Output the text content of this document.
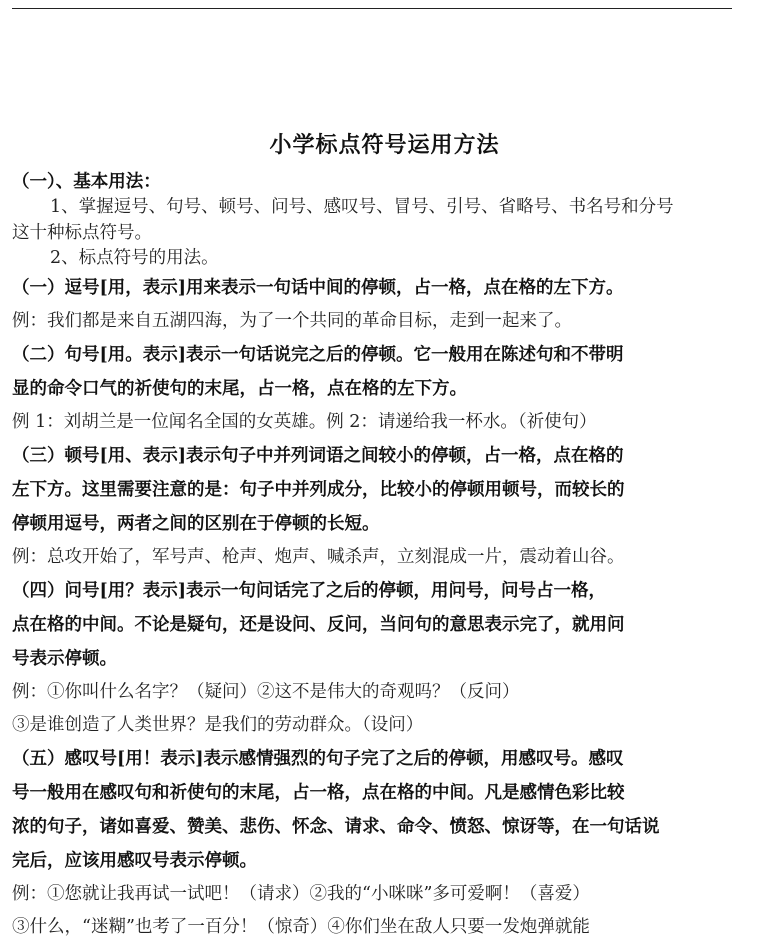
小学标点符号运用方法
（一）、基本用法：
1、掌握逗号、句号、顿号、问号、感叹号、冒号、引号、省略号、书名号和分号
这十种标点符号。
2、标点符号的用法。
（一）逗号[用，表示]用来表示一句话中间的停顿，占一格，点在格的左下方。
例：我们都是来自五湖四海，为了一个共同的革命目标，走到一起来了。
（二）句号[用。表示]表示一句话说完之后的停顿。它一般用在陈述句和不带明
显的命令口气的祈使句的末尾，占一格，点在格的左下方。
例 1：刘胡兰是一位闻名全国的女英雄。例 2：请递给我一杯水。（祈使句）
（三）顿号[用、表示]表示句子中并列词语之间较小的停顿，占一格，点在格的
左下方。这里需要注意的是：句子中并列成分，比较小的停顿用顿号，而较长的
停顿用逗号，两者之间的区别在于停顿的长短。
例：总攻开始了，军号声、枪声、炮声、喊杀声，立刻混成一片，震动着山谷。
（四）问号[用？表示]表示一句问话完了之后的停顿，用问号，问号占一格，
点在格的中间。不论是疑句，还是设问、反问，当问句的意思表示完了，就用问
号表示停顿。
例：①你叫什么名字？（疑问）②这不是伟大的奇观吗？（反问）
③是谁创造了人类世界？是我们的劳动群众。（设问）
（五）感叹号[用！表示]表示感情强烈的句子完了之后的停顿，用感叹号。感叹
号一般用在感叹句和祈使句的末尾，占一格，点在格的中间。凡是感情色彩比较
浓的句子，诸如喜爱、赞美、悲伤、怀念、请求、命令、愤怒、惊讶等，在一句话说
完后，应该用感叹号表示停顿。
例：①您就让我再试一试吧！（请求）②我的“小咪咪”多可爱啊！（喜爱）
③什么，“迷糊”也考了一百分！（惊奇）④你们坐在敌人只要一发炮弹就能
